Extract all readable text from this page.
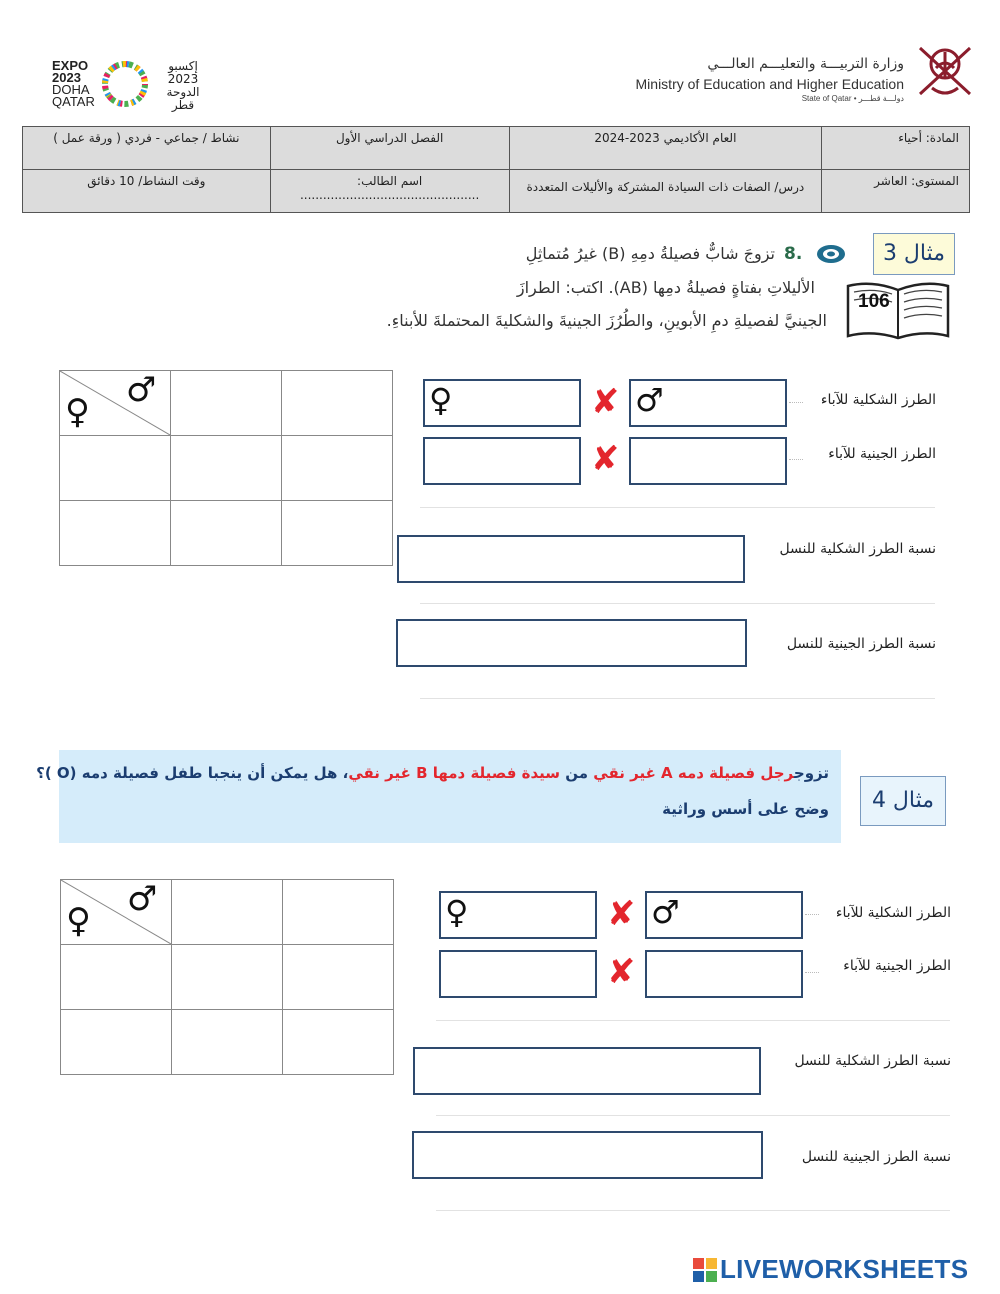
EXPO
2023
DOHA
QATAR
إكسبو
2023
الدوحة
قطر
وزارة التربيـــة والتعليـــم العالـــي
Ministry of Education and Higher Education
State of Qatar • دولـــة قطـــر
المادة: أحياء	العام الأكاديمي 2023-2024	الفصل الدراسي الأول	نشاط / جماعي - فردي ( ورقة عمل )
المستوى: العاشر	درس/ الصفات ذات السيادة المشتركة والأليلات المتعددة	اسم الطالب: ...............................................	وقت النشاط/ 10 دقائق
مثال 3
8.
تزوجَ شابٌّ فصيلةُ دمِهِ (B) غيرُ مُتماثِلِ
الأليلاتِ بفتاةٍ فصيلةُ دمِها (AB). اكتب: الطرازَ
الجينيَّ لفصيلةِ دمِ الأبوينِ، والطُرُزَ الجينيةَ والشكليةَ المحتملةَ للأبناءِ.
106
♀
♂		

			♀	✘ ♂	الطرز الشكلية للآباء
✘	الطرز الجينية للآباء
نسبة الطرز الشكلية للنسل
نسبة الطرز الجينية للنسل
تزوجرجل فصيلة دمه A غير نقي من سيدة فصيلة دمها B غير نقي، هل يمكن أن ينجبا طفل فصيلة دمه (O )؟
وضح على أسس وراثية	مثال 4
♀
♂		

			♀	✘ ♂	الطرز الشكلية للآباء
✘	الطرز الجينية للآباء
نسبة الطرز الشكلية للنسل
نسبة الطرز الجينية للنسل
LIVEWORKSHEETS
